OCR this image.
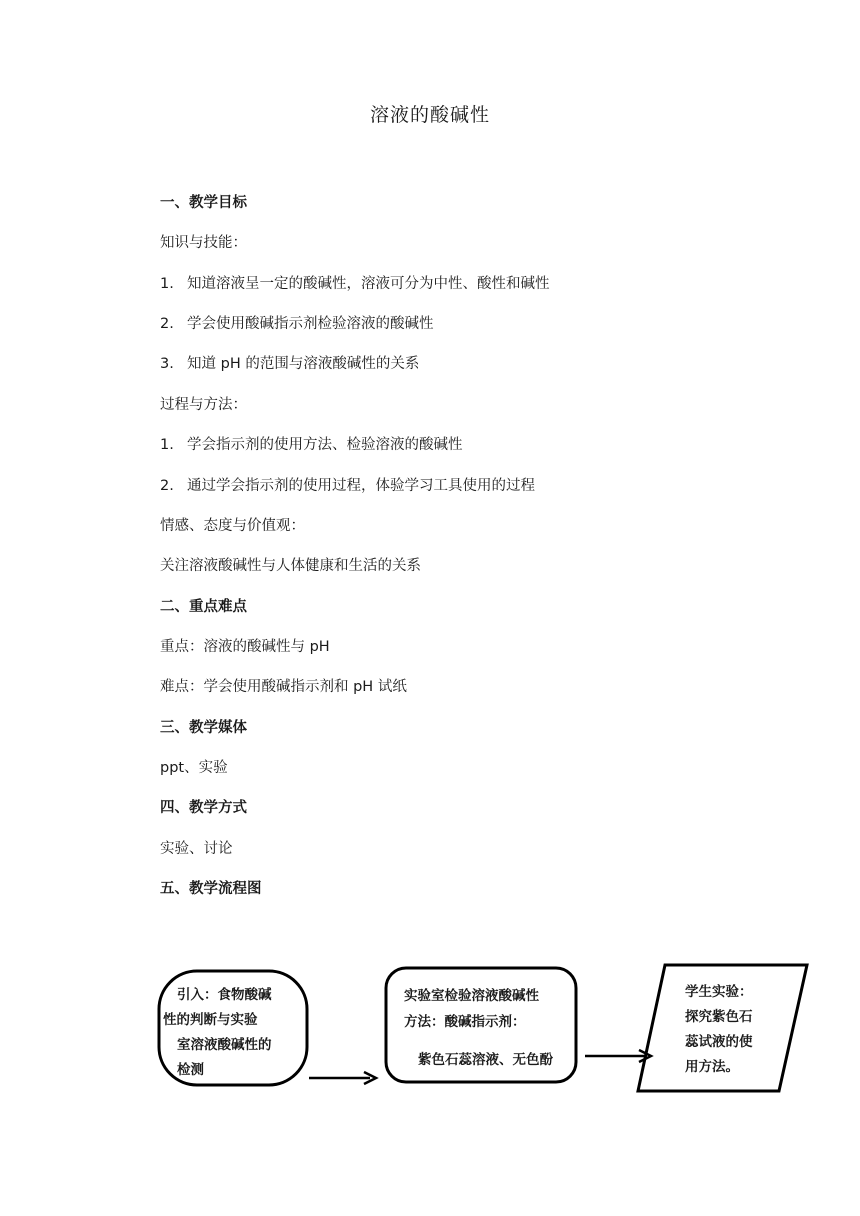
溶液的酸碱性
一、教学目标
知识与技能：
1. 知道溶液呈一定的酸碱性，溶液可分为中性、酸性和碱性
2. 学会使用酸碱指示剂检验溶液的酸碱性
3. 知道 pH 的范围与溶液酸碱性的关系
过程与方法：
1. 学会指示剂的使用方法、检验溶液的酸碱性
2. 通过学会指示剂的使用过程，体验学习工具使用的过程
情感、态度与价值观：
关注溶液酸碱性与人体健康和生活的关系
二、重点难点
重点：溶液的酸碱性与 pH
难点：学会使用酸碱指示剂和 pH 试纸
三、教学媒体
ppt、实验
四、教学方式
实验、讨论
五、教学流程图
引入：食物酸碱
性的判断与实验
室溶液酸碱性的
检测
实验室检验溶液酸碱性
方法：酸碱指示剂：
紫色石蕊溶液、无色酚
学生实验：
探究紫色石
蕊试液的使
用方法。
